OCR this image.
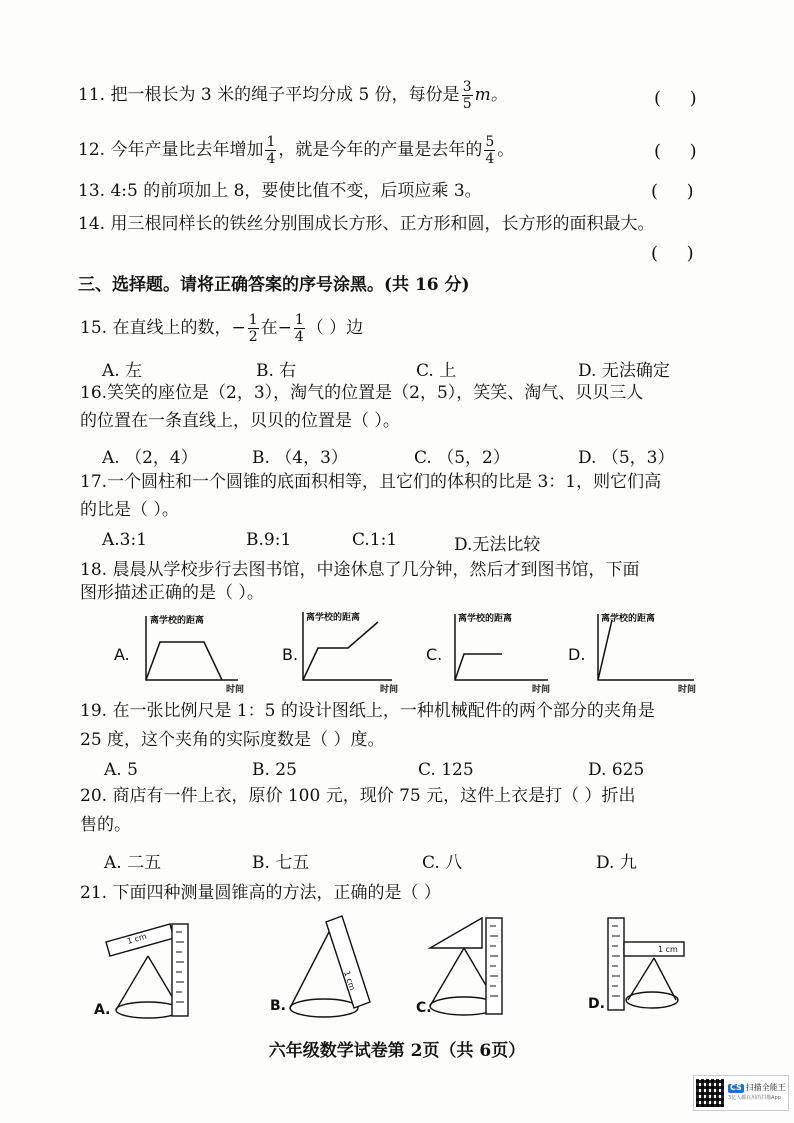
11. 把一根长为 3 米的绳子平均分成 5 份，每份是 $\frac{3}{5}$ m。	(     )
12. 今年产量比去年增加 $\frac{1}{4}$ ，就是今年的产量是去年的 $\frac{5}{4}$ 。	(     )
13. 4:5 的前项加上 8，要使比值不变，后项应乘 3。	(     )
14. 用三根同样长的铁丝分别围成长方形、正方形和圆，长方形的面积最大。
(     )
三、选择题。请将正确答案的序号涂黑。(共 16 分)
15. 在直线上的数，− $\frac{1}{2}$ 在− $\frac{1}{4}$ （ ）边
A. 左	B. 右	C. 上	D. 无法确定
16.笑笑的座位是（2，3），淘气的位置是（2，5），笑笑、淘气、贝贝三人
的位置在一条直线上，贝贝的位置是（ ）。
A. （2，4）	B. （4，3）	C. （5，2）	D. （5，3）
17.一个圆柱和一个圆锥的底面积相等，且它们的体积的比是 3：1，则它们高
的比是（ ）。
A.3:1	B.9:1	C.1:1	D.无法比较
18. 晨晨从学校步行去图书馆，中途休息了几分钟，然后才到图书馆，下面
图形描述正确的是（ ）。
离学校的距离	离学校的距离	离学校的距离	离学校的距离
时间	时间	时间	时间
A.	B.	C.	D.
19. 在一张比例尺是 1：5 的设计图纸上，一种机械配件的两个部分的夹角是
25 度，这个夹角的实际度数是（ ）度。
A. 5	B. 25	C. 125	D. 625
20. 商店有一件上衣，原价 100 元，现价 75 元，这件上衣是打（ ）折出
售的。
A. 二五	B. 七五	C. 八	D. 九
21. 下面四种测量圆锥高的方法，正确的是（ ）
1 cm
1 cm
1 cm
A.	B.	C.	D.
六年级数学试卷第 2页（共 6页）
CS 扫描全能王
3亿人都在用的扫描App
